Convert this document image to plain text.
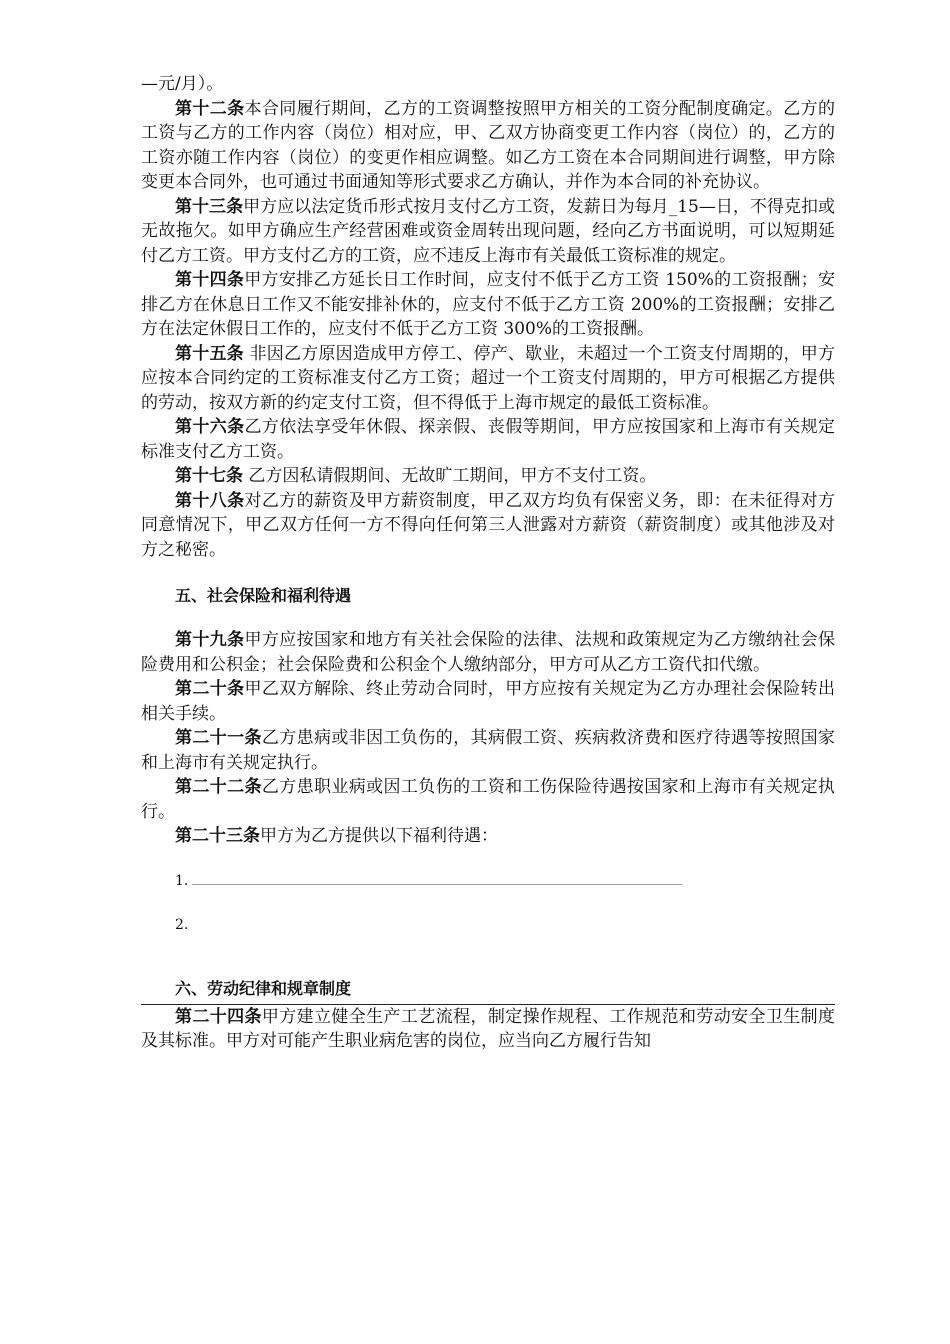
—元/月）。

第十二条本合同履行期间，乙方的工资调整按照甲方相关的工资分配制度确定。乙方的工资与乙方的工作内容（岗位）相对应，甲、乙双方协商变更工作内容（岗位）的，乙方的工资亦随工作内容（岗位）的变更作相应调整。如乙方工资在本合同期间进行调整，甲方除变更本合同外，也可通过书面通知等形式要求乙方确认，并作为本合同的补充协议。

第十三条甲方应以法定货币形式按月支付乙方工资，发薪日为每月_15—日，不得克扣或无故拖欠。如甲方确应生产经营困难或资金周转出现问题，经向乙方书面说明，可以短期延付乙方工资。甲方支付乙方的工资，应不违反上海市有关最低工资标准的规定。

第十四条甲方安排乙方延长日工作时间，应支付不低于乙方工资 150%的工资报酬；安排乙方在休息日工作又不能安排补休的，应支付不低于乙方工资 200%的工资报酬；安排乙方在法定休假日工作的，应支付不低于乙方工资 300%的工资报酬。

第十五条 非因乙方原因造成甲方停工、停产、歇业，未超过一个工资支付周期的，甲方应按本合同约定的工资标准支付乙方工资；超过一个工资支付周期的，甲方可根据乙方提供的劳动，按双方新的约定支付工资，但不得低于上海市规定的最低工资标准。

第十六条乙方依法享受年休假、探亲假、丧假等期间，甲方应按国家和上海市有关规定标准支付乙方工资。

第十七条 乙方因私请假期间、无故旷工期间，甲方不支付工资。

第十八条对乙方的薪资及甲方薪资制度，甲乙双方均负有保密义务，即：在未征得对方同意情况下，甲乙双方任何一方不得向任何第三人泄露对方薪资（薪资制度）或其他涉及对方之秘密。

五、社会保险和福利待遇

第十九条甲方应按国家和地方有关社会保险的法律、法规和政策规定为乙方缴纳社会保险费用和公积金；社会保险费和公积金个人缴纳部分，甲方可从乙方工资代扣代缴。

第二十条甲乙双方解除、终止劳动合同时，甲方应按有关规定为乙方办理社会保险转出相关手续。

第二十一条乙方患病或非因工负伤的，其病假工资、疾病救济费和医疗待遇等按照国家和上海市有关规定执行。

第二十二条乙方患职业病或因工负伤的工资和工伤保险待遇按国家和上海市有关规定执行。

第二十三条甲方为乙方提供以下福利待遇：

1.

2.

六、劳动纪律和规章制度

第二十四条甲方建立健全生产工艺流程，制定操作规程、工作规范和劳动安全卫生制度及其标准。甲方对可能产生职业病危害的岗位，应当向乙方履行告知
